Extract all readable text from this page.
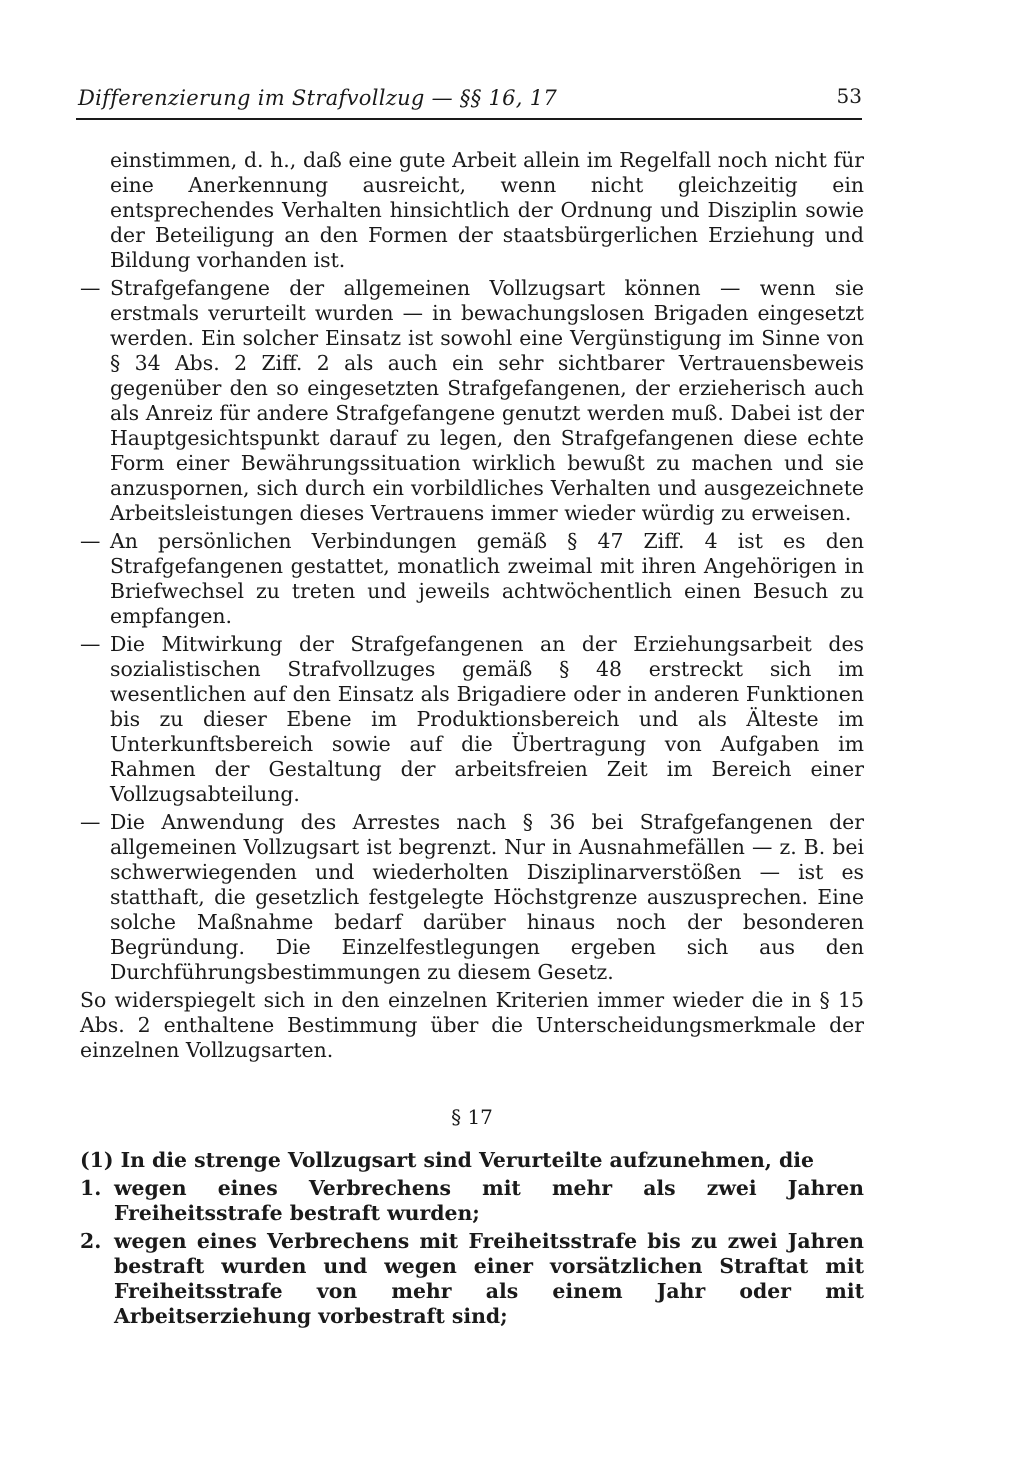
Differenzierung im Strafvollzug — §§ 16, 17	53

einstimmen, d. h., daß eine gute Arbeit allein im Regelfall noch nicht für eine Anerkennung ausreicht, wenn nicht gleichzeitig ein entsprechendes Verhalten hinsichtlich der Ordnung und Disziplin sowie der Beteiligung an den Formen der staatsbürgerlichen Erziehung und Bildung vorhanden ist.

— Strafgefangene der allgemeinen Vollzugsart können — wenn sie erstmals verurteilt wurden — in bewachungslosen Brigaden eingesetzt werden. Ein solcher Einsatz ist sowohl eine Vergünstigung im Sinne von § 34 Abs. 2 Ziff. 2 als auch ein sehr sichtbarer Vertrauensbeweis gegenüber den so eingesetzten Strafgefangenen, der erzieherisch auch als Anreiz für andere Strafgefangene genutzt werden muß. Dabei ist der Hauptgesichtspunkt darauf zu legen, den Strafgefangenen diese echte Form einer Bewährungssituation wirklich bewußt zu machen und sie anzuspornen, sich durch ein vorbildliches Verhalten und ausgezeichnete Arbeitsleistungen dieses Vertrauens immer wieder würdig zu erweisen.

— An persönlichen Verbindungen gemäß § 47 Ziff. 4 ist es den Strafgefangenen gestattet, monatlich zweimal mit ihren Angehörigen in Briefwechsel zu treten und jeweils achtwöchentlich einen Besuch zu empfangen.

— Die Mitwirkung der Strafgefangenen an der Erziehungsarbeit des sozialistischen Strafvollzuges gemäß § 48 erstreckt sich im wesentlichen auf den Einsatz als Brigadiere oder in anderen Funktionen bis zu dieser Ebene im Produktionsbereich und als Älteste im Unterkunftsbereich sowie auf die Übertragung von Aufgaben im Rahmen der Gestaltung der arbeitsfreien Zeit im Bereich einer Vollzugsabteilung.

— Die Anwendung des Arrestes nach § 36 bei Strafgefangenen der allgemeinen Vollzugsart ist begrenzt. Nur in Ausnahmefällen — z. B. bei schwerwiegenden und wiederholten Disziplinarverstößen — ist es statthaft, die gesetzlich festgelegte Höchstgrenze auszusprechen. Eine solche Maßnahme bedarf darüber hinaus noch der besonderen Begründung. Die Einzelfestlegungen ergeben sich aus den Durchführungsbestimmungen zu diesem Gesetz.

So widerspiegelt sich in den einzelnen Kriterien immer wieder die in § 15 Abs. 2 enthaltene Bestimmung über die Unterscheidungsmerkmale der einzelnen Vollzugsarten.

§ 17

(1) In die strenge Vollzugsart sind Verurteilte aufzunehmen, die

1. wegen eines Verbrechens mit mehr als zwei Jahren Freiheitsstrafe bestraft wurden;

2. wegen eines Verbrechens mit Freiheitsstrafe bis zu zwei Jahren bestraft wurden und wegen einer vorsätzlichen Straftat mit Freiheitsstrafe von mehr als einem Jahr oder mit Arbeitserziehung vorbestraft sind;
